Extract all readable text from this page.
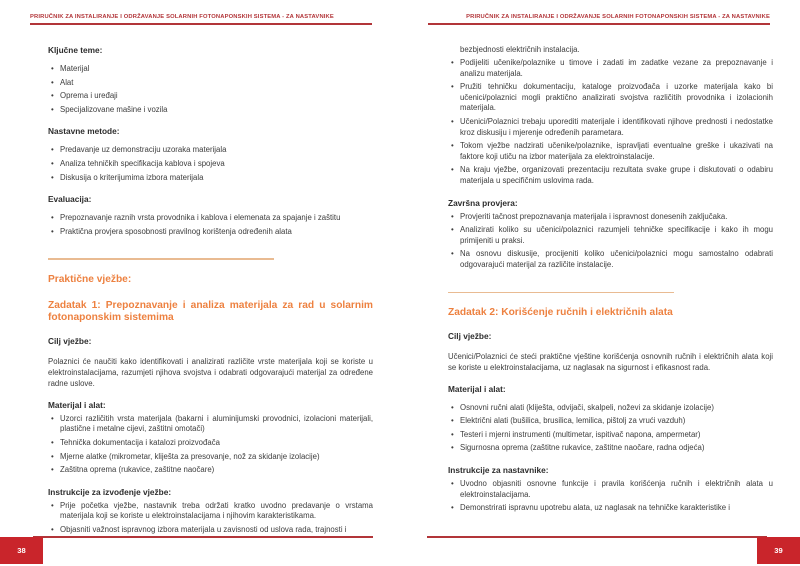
PRIRUČNIK ZA INSTALIRANJE I ODRŽAVANJE SOLARNIH FOTONAPONSKIH SISTEMA - ZA NASTAVNIKE
Ključne teme:
• Materijal
• Alat
• Oprema i uređaji
• Specijalizovane mašine i vozila
Nastavne metode:
• Predavanje uz demonstraciju uzoraka materijala
• Analiza tehničkih specifikacija kablova i spojeva
• Diskusija o kriterijumima izbora materijala
Evaluacija:
• Prepoznavanje raznih vrsta provodnika i kablova i elemenata za spajanje i zaštitu
• Praktična provjera sposobnosti pravilnog korištenja određenih alata
Praktične vježbe:
Zadatak 1: Prepoznavanje i analiza materijala za rad u solarnim fotonaponskim sistemima
Cilj vježbe:
Polaznici će naučiti kako identifikovati i analizirati različite vrste materijala koji se koriste u elektroinstalacijama, razumjeti njihova svojstva i odabrati odgovarajući materijal za određene radne uslove.
Materijal i alat:
• Uzorci različitih vrsta materijala (bakarni i aluminijumski provodnici, izolacioni materijali, plastične i metalne cijevi, zaštitni omotači)
• Tehnička dokumentacija i katalozi proizvođača
• Mjerne alatke (mikrometar, kliješta za presovanje, nož za skidanje izolacije)
• Zaštitna oprema (rukavice, zaštitne naočare)
Instrukcije za izvođenje vježbe:
• Prije početka vježbe, nastavnik treba održati kratko uvodno predavanje o vrstama materijala koji se koriste u elektroinstalacijama i njihovim karakteristikama.
• Objasniti važnost ispravnog izbora materijala u zavisnosti od uslova rada, trajnosti i
38
PRIRUČNIK ZA INSTALIRANJE I ODRŽAVANJE SOLARNIH FOTONAPONSKIH SISTEMA - ZA NASTAVNIKE
bezbjednosti električnih instalacija.
• Podijeliti učenike/polaznike u timove i zadati im zadatke vezane za prepoznavanje i analizu materijala.
• Pružiti tehničku dokumentaciju, kataloge proizvođača i uzorke materijala kako bi učenici/polaznici mogli praktično analizirati svojstva različitih provodnika i izolacionih materijala.
• Učenici/Polaznici trebaju uporediti materijale i identifikovati njihove prednosti i nedostatke kroz diskusiju i mjerenje određenih parametara.
• Tokom vježbe nadzirati učenike/polaznike, ispravljati eventualne greške i ukazivati na faktore koji utiču na izbor materijala za elektroinstalacije.
• Na kraju vježbe, organizovati prezentaciju rezultata svake grupe i diskutovati o odabiru materijala u specifičnim uslovima rada.
Završna provjera:
• Provjeriti tačnost prepoznavanja materijala i ispravnost donesenih zaključaka.
• Analizirati koliko su učenici/polaznici razumjeli tehničke specifikacije i kako ih mogu primijeniti u praksi.
• Na osnovu diskusije, procijeniti koliko učenici/polaznici mogu samostalno odabrati odgovarajući materijal za različite instalacije.
Zadatak 2: Korišćenje ručnih i električnih alata
Cilj vježbe:
Učenici/Polaznici će steći praktične vještine korišćenja osnovnih ručnih i električnih alata koji se koriste u elektroinstalacijama, uz naglasak na sigurnost i efikasnost rada.
Materijal i alat:
• Osnovni ručni alati (kliješta, odvijači, skalpeli, noževi za skidanje izolacije)
• Električni alati (bušilica, brusilica, lemilica, pištolj za vrući vazduh)
• Testeri i mjerni instrumenti (multimetar, ispitivač napona, ampermetar)
• Sigurnosna oprema (zaštitne rukavice, zaštitne naočare, radna odjeća)
Instrukcije za nastavnike:
• Uvodno objasniti osnovne funkcije i pravila korišćenja ručnih i električnih alata u elektroinstalacijama.
• Demonstrirati ispravnu upotrebu alata, uz naglasak na tehničke karakteristike i
39
